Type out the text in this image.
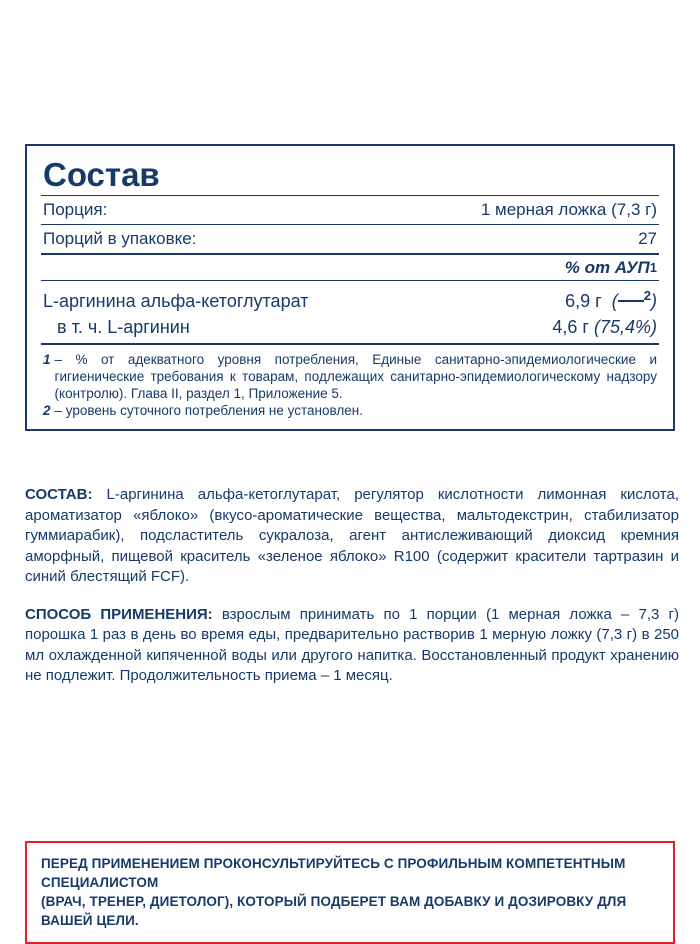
Состав
Порция:	1 мерная ложка (7,3 г)
Порций в упаковке:	27
% от АУП 1
L-аргинина альфа-кетоглутарат	6,9 г  ( $^2$)
в т. ч. L-аргинин	4,6 г (75,4%)
1 – % от адекватного уровня потребления, Единые санитарно-эпидемиологические и гигиенические требования к товарам, подлежащих санитарно-эпидемиологическому надзору (контролю). Глава II, раздел 1, Приложение 5.
2 – уровень суточного потребления не установлен.
СОСТАВ: L-аргинина альфа-кетоглутарат, регулятор кислотности лимонная кислота, ароматизатор «яблоко» (вкусо-ароматические вещества, мальтодекстрин, стабилизатор гуммиарабик), подсластитель сукралоза, агент антислеживающий диоксид кремния аморфный, пищевой краситель «зеленое яблоко» R100 (содержит красители тартразин и синий блестящий FCF).
СПОСОБ ПРИМЕНЕНИЯ: взрослым принимать по 1 порции (1 мерная ложка – 7,3 г) порошка 1 раз в день во время еды, предварительно растворив 1 мерную ложку (7,3 г) в 250 мл охлажденной кипяченной воды или другого напитка. Восстановленный продукт хранению не подлежит. Продолжительность приема – 1 месяц.
ПЕРЕД ПРИМЕНЕНИЕМ ПРОКОНСУЛЬТИРУЙТЕСЬ С ПРОФИЛЬНЫМ КОМПЕТЕНТНЫМ СПЕЦИАЛИСТОМ
(ВРАЧ, ТРЕНЕР, ДИЕТОЛОГ), КОТОРЫЙ ПОДБЕРЕТ ВАМ ДОБАВКУ И ДОЗИРОВКУ ДЛЯ ВАШЕЙ ЦЕЛИ.
